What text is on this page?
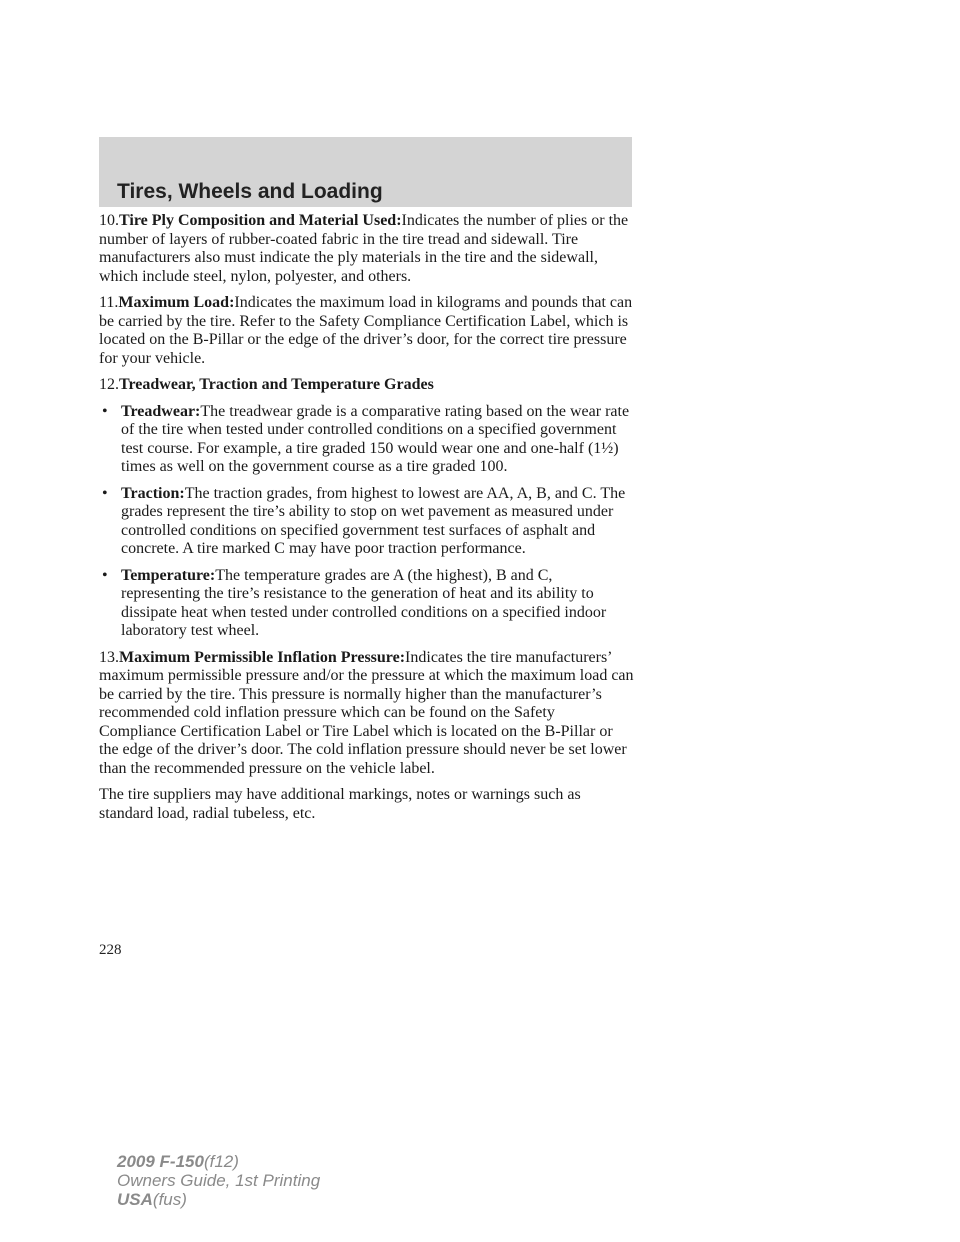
Tires, Wheels and Loading

10.Tire Ply Composition and Material Used:Indicates the number of plies or the number of layers of rubber-coated fabric in the tire tread and sidewall. Tire manufacturers also must indicate the ply materials in the tire and the sidewall, which include steel, nylon, polyester, and others.

11.Maximum Load:Indicates the maximum load in kilograms and pounds that can be carried by the tire. Refer to the Safety Compliance Certification Label, which is located on the B-Pillar or the edge of the driver’s door, for the correct tire pressure for your vehicle.

12.Treadwear, Traction and Temperature Grades

• Treadwear:The treadwear grade is a comparative rating based on the wear rate of the tire when tested under controlled conditions on a specified government test course. For example, a tire graded 150 would wear one and one-half (1½) times as well on the government course as a tire graded 100.
• Traction:The traction grades, from highest to lowest are AA, A, B, and C. The grades represent the tire’s ability to stop on wet pavement as measured under controlled conditions on specified government test surfaces of asphalt and concrete. A tire marked C may have poor traction performance.
• Temperature:The temperature grades are A (the highest), B and C, representing the tire’s resistance to the generation of heat and its ability to dissipate heat when tested under controlled conditions on a specified indoor laboratory test wheel.

13.Maximum Permissible Inflation Pressure:Indicates the tire manufacturers’ maximum permissible pressure and/or the pressure at which the maximum load can be carried by the tire. This pressure is normally higher than the manufacturer’s recommended cold inflation pressure which can be found on the Safety Compliance Certification Label or Tire Label which is located on the B-Pillar or the edge of the driver’s door. The cold inflation pressure should never be set lower than the recommended pressure on the vehicle label.

The tire suppliers may have additional markings, notes or warnings such as standard load, radial tubeless, etc.

228
2009 F-150(f12)
Owners Guide, 1st Printing
USA(fus)
